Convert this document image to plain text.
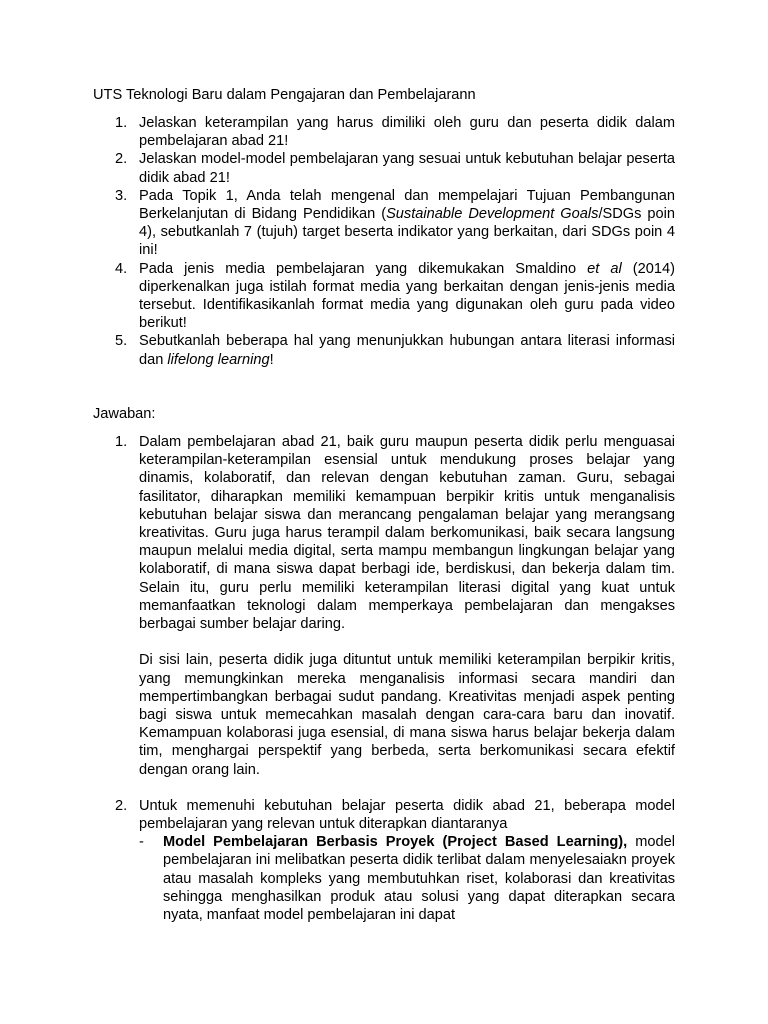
UTS Teknologi Baru dalam Pengajaran dan Pembelajarann
1. Jelaskan keterampilan yang harus dimiliki oleh guru dan peserta didik dalam pembelajaran abad 21!
2. Jelaskan model-model pembelajaran yang sesuai untuk kebutuhan belajar peserta didik abad 21!
3. Pada Topik 1, Anda telah mengenal dan mempelajari Tujuan Pembangunan Berkelanjutan di Bidang Pendidikan (Sustainable Development Goals/SDGs poin 4), sebutkanlah 7 (tujuh) target beserta indikator yang berkaitan, dari SDGs poin 4 ini!
4. Pada jenis media pembelajaran yang dikemukakan Smaldino et al (2014) diperkenalkan juga istilah format media yang berkaitan dengan jenis-jenis media tersebut. Identifikasikanlah format media yang digunakan oleh guru pada video berikut!
5. Sebutkanlah beberapa hal yang menunjukkan hubungan antara literasi informasi dan lifelong learning!
Jawaban:
1. Dalam pembelajaran abad 21, baik guru maupun peserta didik perlu menguasai keterampilan-keterampilan esensial untuk mendukung proses belajar yang dinamis, kolaboratif, dan relevan dengan kebutuhan zaman. Guru, sebagai fasilitator, diharapkan memiliki kemampuan berpikir kritis untuk menganalisis kebutuhan belajar siswa dan merancang pengalaman belajar yang merangsang kreativitas. Guru juga harus terampil dalam berkomunikasi, baik secara langsung maupun melalui media digital, serta mampu membangun lingkungan belajar yang kolaboratif, di mana siswa dapat berbagi ide, berdiskusi, dan bekerja dalam tim. Selain itu, guru perlu memiliki keterampilan literasi digital yang kuat untuk memanfaatkan teknologi dalam memperkaya pembelajaran dan mengakses berbagai sumber belajar daring.

Di sisi lain, peserta didik juga dituntut untuk memiliki keterampilan berpikir kritis, yang memungkinkan mereka menganalisis informasi secara mandiri dan mempertimbangkan berbagai sudut pandang. Kreativitas menjadi aspek penting bagi siswa untuk memecahkan masalah dengan cara-cara baru dan inovatif. Kemampuan kolaborasi juga esensial, di mana siswa harus belajar bekerja dalam tim, menghargai perspektif yang berbeda, serta berkomunikasi secara efektif dengan orang lain.

2. Untuk memenuhi kebutuhan belajar peserta didik abad 21, beberapa model pembelajaran yang relevan untuk diterapkan diantaranya

- Model Pembelajaran Berbasis Proyek (Project Based Learning), model pembelajaran ini melibatkan peserta didik terlibat dalam menyelesaiakn proyek atau masalah kompleks yang membutuhkan riset, kolaborasi dan kreativitas sehingga menghasilkan produk atau solusi yang dapat diterapkan secara nyata, manfaat model pembelajaran ini dapat
